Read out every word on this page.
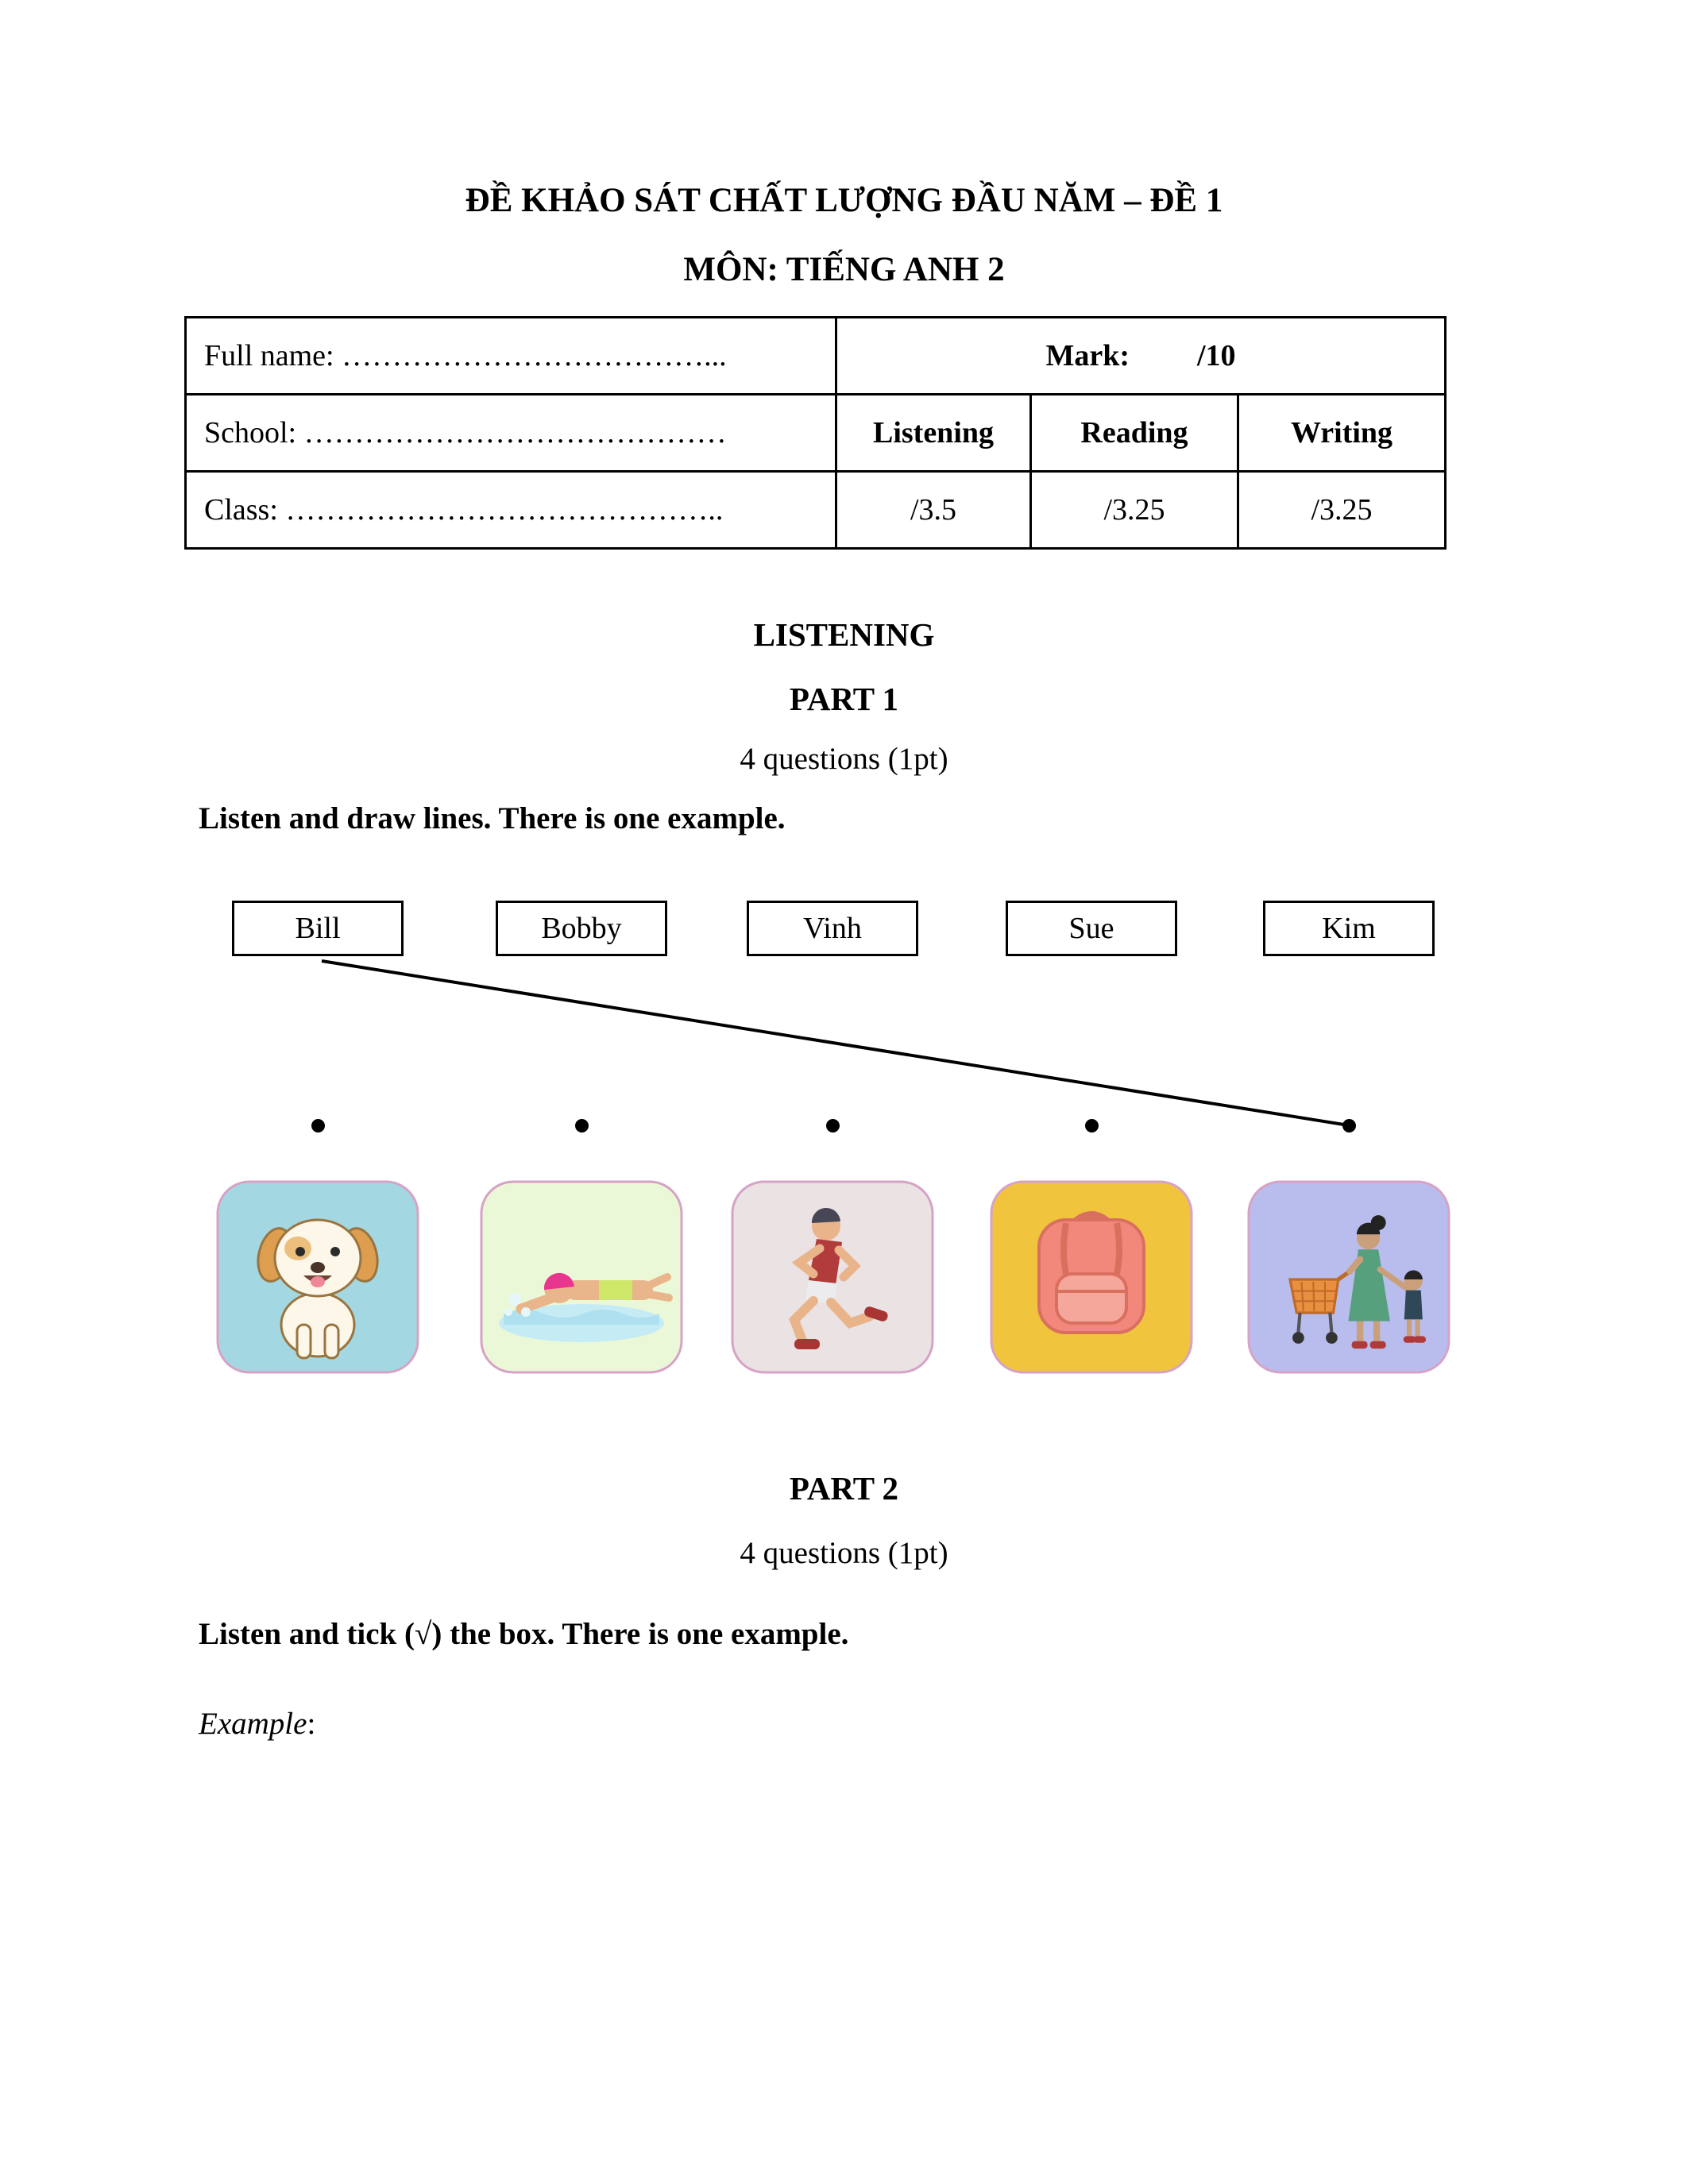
ĐỀ KHẢO SÁT CHẤT LƯỢNG ĐẦU NĂM – ĐỀ 1
MÔN: TIẾNG ANH 2
Full name: ………………………………...	Mark: /10		
School: ……………………………………	Listening	Reading	Writing
Class: ……………………………………..	/3.5	/3.25	/3.25
LISTENING
PART 1
4 questions (1pt)
Listen and draw lines. There is one example.
Bill	Bobby	Vinh	Sue	Kim
PART 2
4 questions (1pt)
Listen and tick (√) the box. There is one example.
Example:
